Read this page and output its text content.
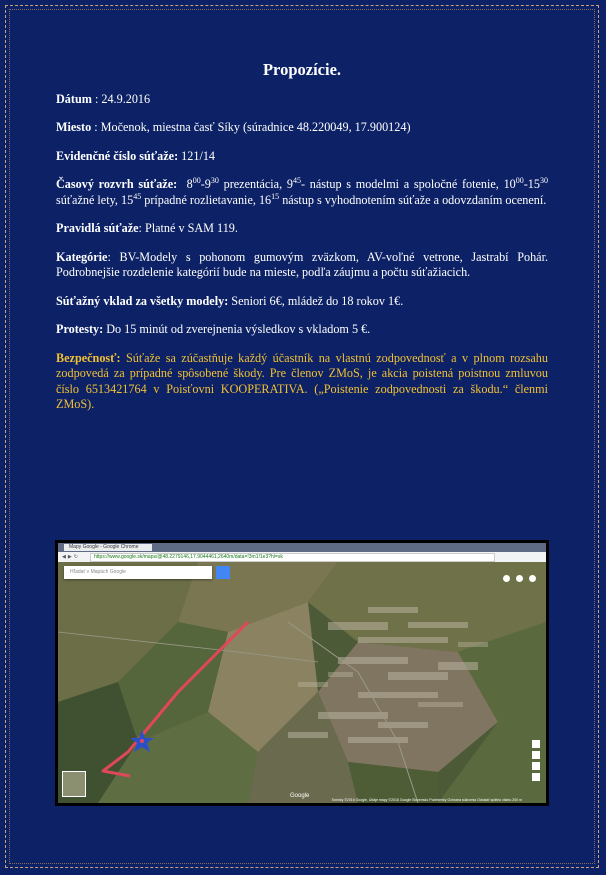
Propozície.

Dátum : 24.9.2016

Miesto : Močenok, miestna časť Síky (súradnice 48.220049, 17.900124)

Evidenčné číslo súťaže: 121/14

Časový rozvrh súťaže: $8^{00}-9^{30}$ prezentácia, $9^{45}-$ nástup s modelmi a spoločné fotenie, $10^{00}-15^{30}$ súťažné lety, $15^{45}$ prípadné rozlietavanie, $16^{15}$ nástup s vyhodnotením súťaže a odovzdaním ocenení.

Pravidlá súťaže: Platné v SAM 119.

Kategórie: BV-Modely s pohonom gumovým zväzkom, AV-voľné vetrone, Jastrabí Pohár. Podrobnejšie rozdelenie kategórií bude na mieste, podľa záujmu a počtu súťažiacich.

Súťažný vklad za všetky modely: Seniori 6€, mládež do 18 rokov 1€.

Protesty: Do 15 minút od zverejnenia výsledkov s vkladom 5 €.

Bezpečnosť: Súťaže sa zúčastňuje každý účastník na vlastnú zodpovednosť a v plnom rozsahu zodpovedá za prípadné spôsobené škody. Pre členov ZMoS, je akcia poistená poistnou zmluvou číslo 6513421764 v Poisťovni KOOPERATIVA. („Poistenie zodpovednosti za škodu.“ členmi ZMoS).

Mapy Google - Google Chrome
◀▶↻	https://www.google.sk/maps/@48.2279146,17.9044461,2640m/data=!3m1!1e3?hl=sk
Hľadať v Mapách Google
Google
Snímky ©2016 Google, Údaje mapy ©2016 Google Slovensko Podmienky Ochrana súkromia Odoslať spätnú väzbu 200 m
